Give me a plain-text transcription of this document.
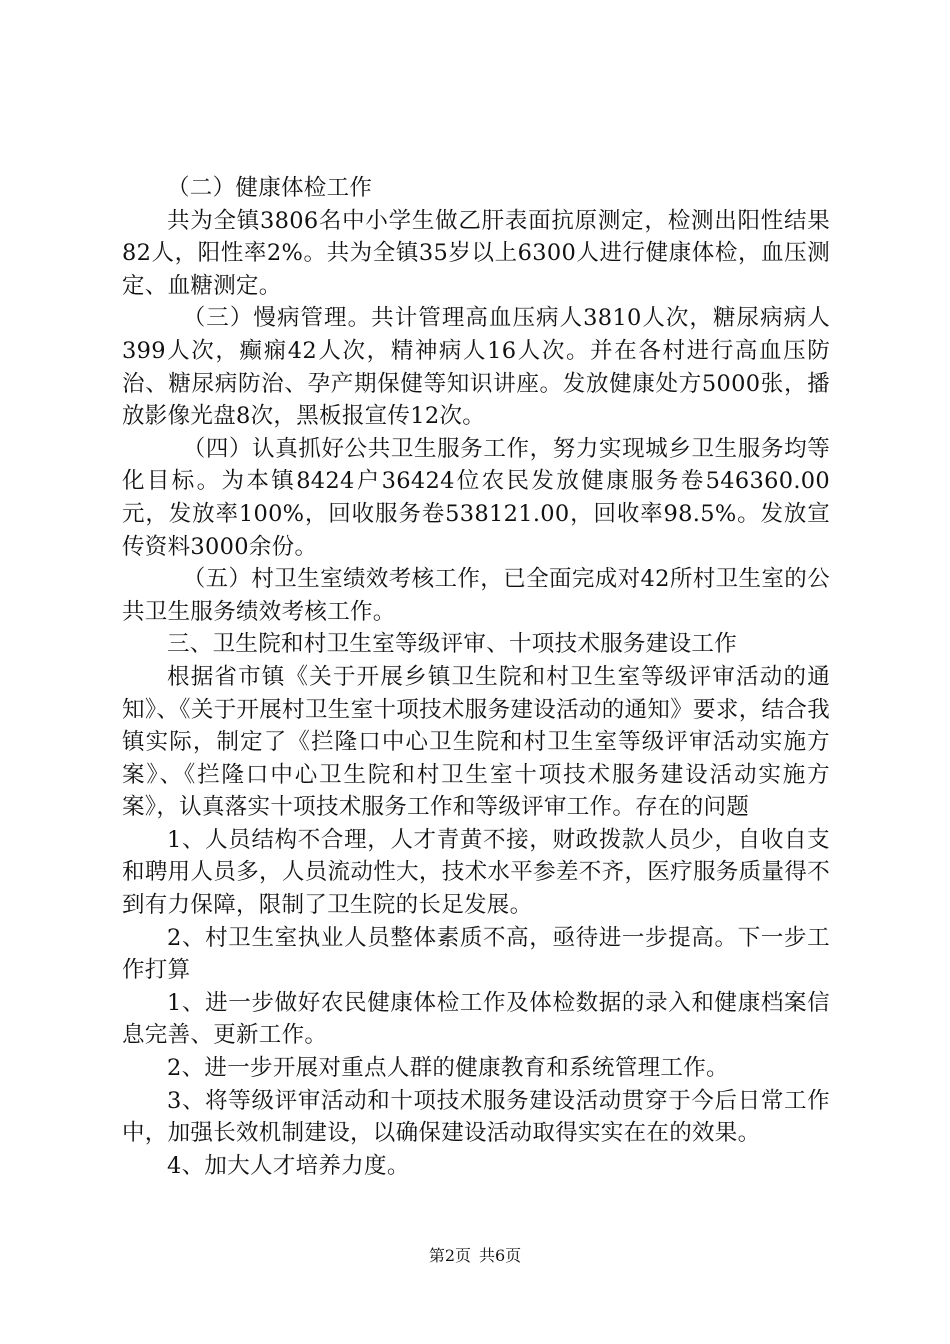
（二）健康体检工作

共为全镇3806名中小学生做乙肝表面抗原测定，检测出阳性结果82人，阳性率2%。共为全镇35岁以上6300人进行健康体检，血压测定、血糖测定。

（三）慢病管理。共计管理高血压病人3810人次，糖尿病病人399人次，癫痫42人次，精神病人16人次。并在各村进行高血压防治、糖尿病防治、孕产期保健等知识讲座。发放健康处方5000张，播放影像光盘8次，黑板报宣传12次。

（四）认真抓好公共卫生服务工作，努力实现城乡卫生服务均等化目标。为本镇8424户36424位农民发放健康服务卷546360.00元，发放率100%，回收服务卷538121.00，回收率98.5%。发放宣传资料3000余份。

（五）村卫生室绩效考核工作，已全面完成对42所村卫生室的公共卫生服务绩效考核工作。

三、卫生院和村卫生室等级评审、十项技术服务建设工作

根据省市镇《关于开展乡镇卫生院和村卫生室等级评审活动的通知》、《关于开展村卫生室十项技术服务建设活动的通知》要求，结合我镇实际，制定了《拦隆口中心卫生院和村卫生室等级评审活动实施方案》、《拦隆口中心卫生院和村卫生室十项技术服务建设活动实施方案》，认真落实十项技术服务工作和等级评审工作。存在的问题

1、人员结构不合理，人才青黄不接，财政拨款人员少，自收自支和聘用人员多，人员流动性大，技术水平参差不齐，医疗服务质量得不到有力保障，限制了卫生院的长足发展。

2、村卫生室执业人员整体素质不高，亟待进一步提高。下一步工作打算

1、进一步做好农民健康体检工作及体检数据的录入和健康档案信息完善、更新工作。

2、进一步开展对重点人群的健康教育和系统管理工作。

3、将等级评审活动和十项技术服务建设活动贯穿于今后日常工作中，加强长效机制建设，以确保建设活动取得实实在在的效果。

4、加大人才培养力度。

第2页 共6页
